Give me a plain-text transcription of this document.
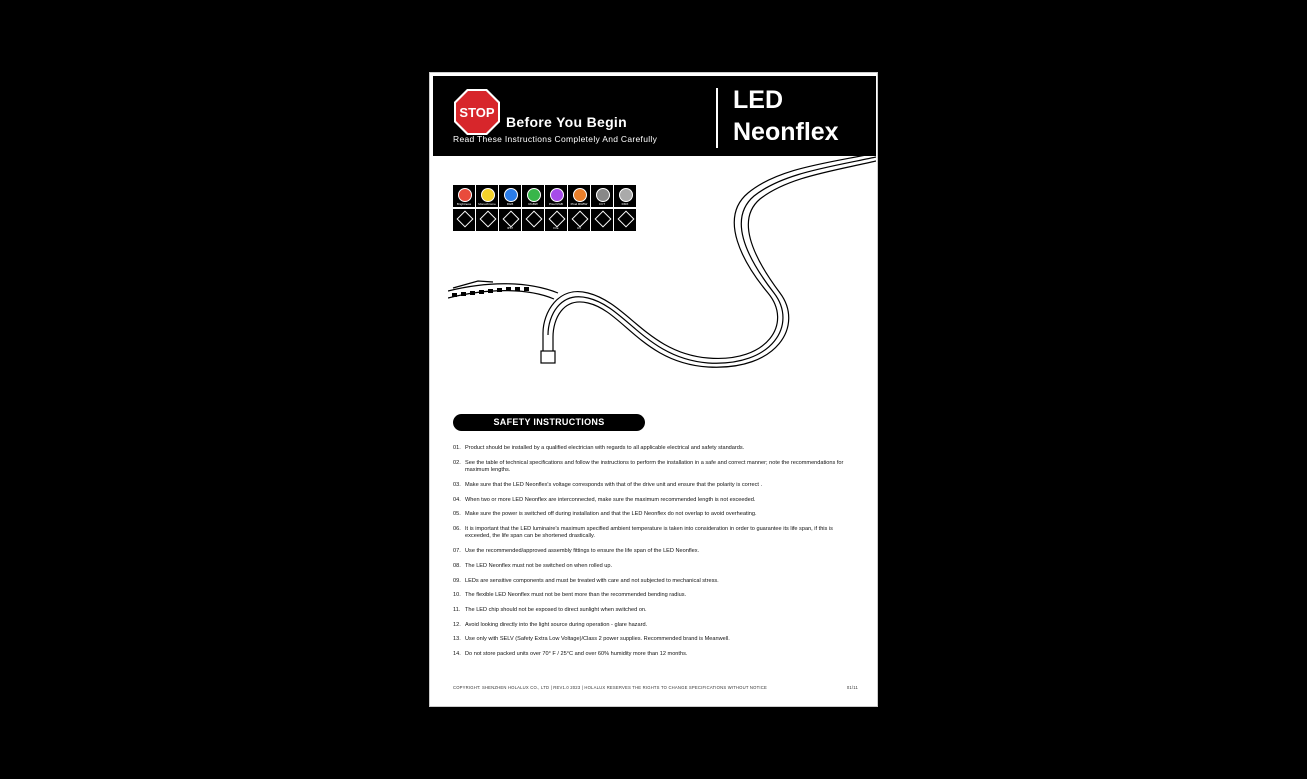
STOP
Before You Begin
Read These Instructions Completely And Carefully
LED
Neonflex
Brightness	Monochrome	RGB	RGBW	Pixel RGB	Pixel RGBW	CCT	DMX
IP67	Fire	UV
SAFETY INSTRUCTIONS
01. Product should be installed by a qualified electrician with regards to all applicable electrical and safety standards.
02. See the table of technical specifications and follow the instructions to perform the installation in a safe and correct manner; note the recommendations for maximum lengths.
03. Make sure that the LED Neonflex's voltage corresponds with that of the drive unit and ensure that the polarity is correct .
04. When two or more LED Neonflex are interconnected, make sure the maximum recommended length is not exceeded.
05. Make sure the power is switched off during installation and that the LED Neonflex do not overlap to avoid overheating.
06. It is important that the LED luminaire's maximum specified ambient temperature is taken into consideration in order to guarantee its life span, if this is exceeded, the life span can be shortened drastically.
07. Use the recommended/approved assembly fittings to ensure the life span of the LED Neonflex.
08. The LED Neonflex must not be switched on when rolled up.
09. LEDs are sensitive components and must be treated with care and not subjected to mechanical stress.
10. The flexible LED Neonflex must not be bent more than the recommended bending radius.
11. The LED chip should not be exposed to direct sunlight when switched on.
12. Avoid looking directly into the light source during operation - glare hazard.
13. Use only with SELV (Safety Extra Low Voltage)/Class 2 power supplies. Recommended brand is Meanwell.
14. Do not store packed units over 70° F / 25°C and over 60% humidity more than 12 months.
COPYRIGHT: SHENZHEN HOLALUX CO., LTD | REV1.0 2023 | HOLALUX RESERVES THE RIGHTS TO CHANGE SPECIFICATIONS WITHOUT NOTICE	01/11
